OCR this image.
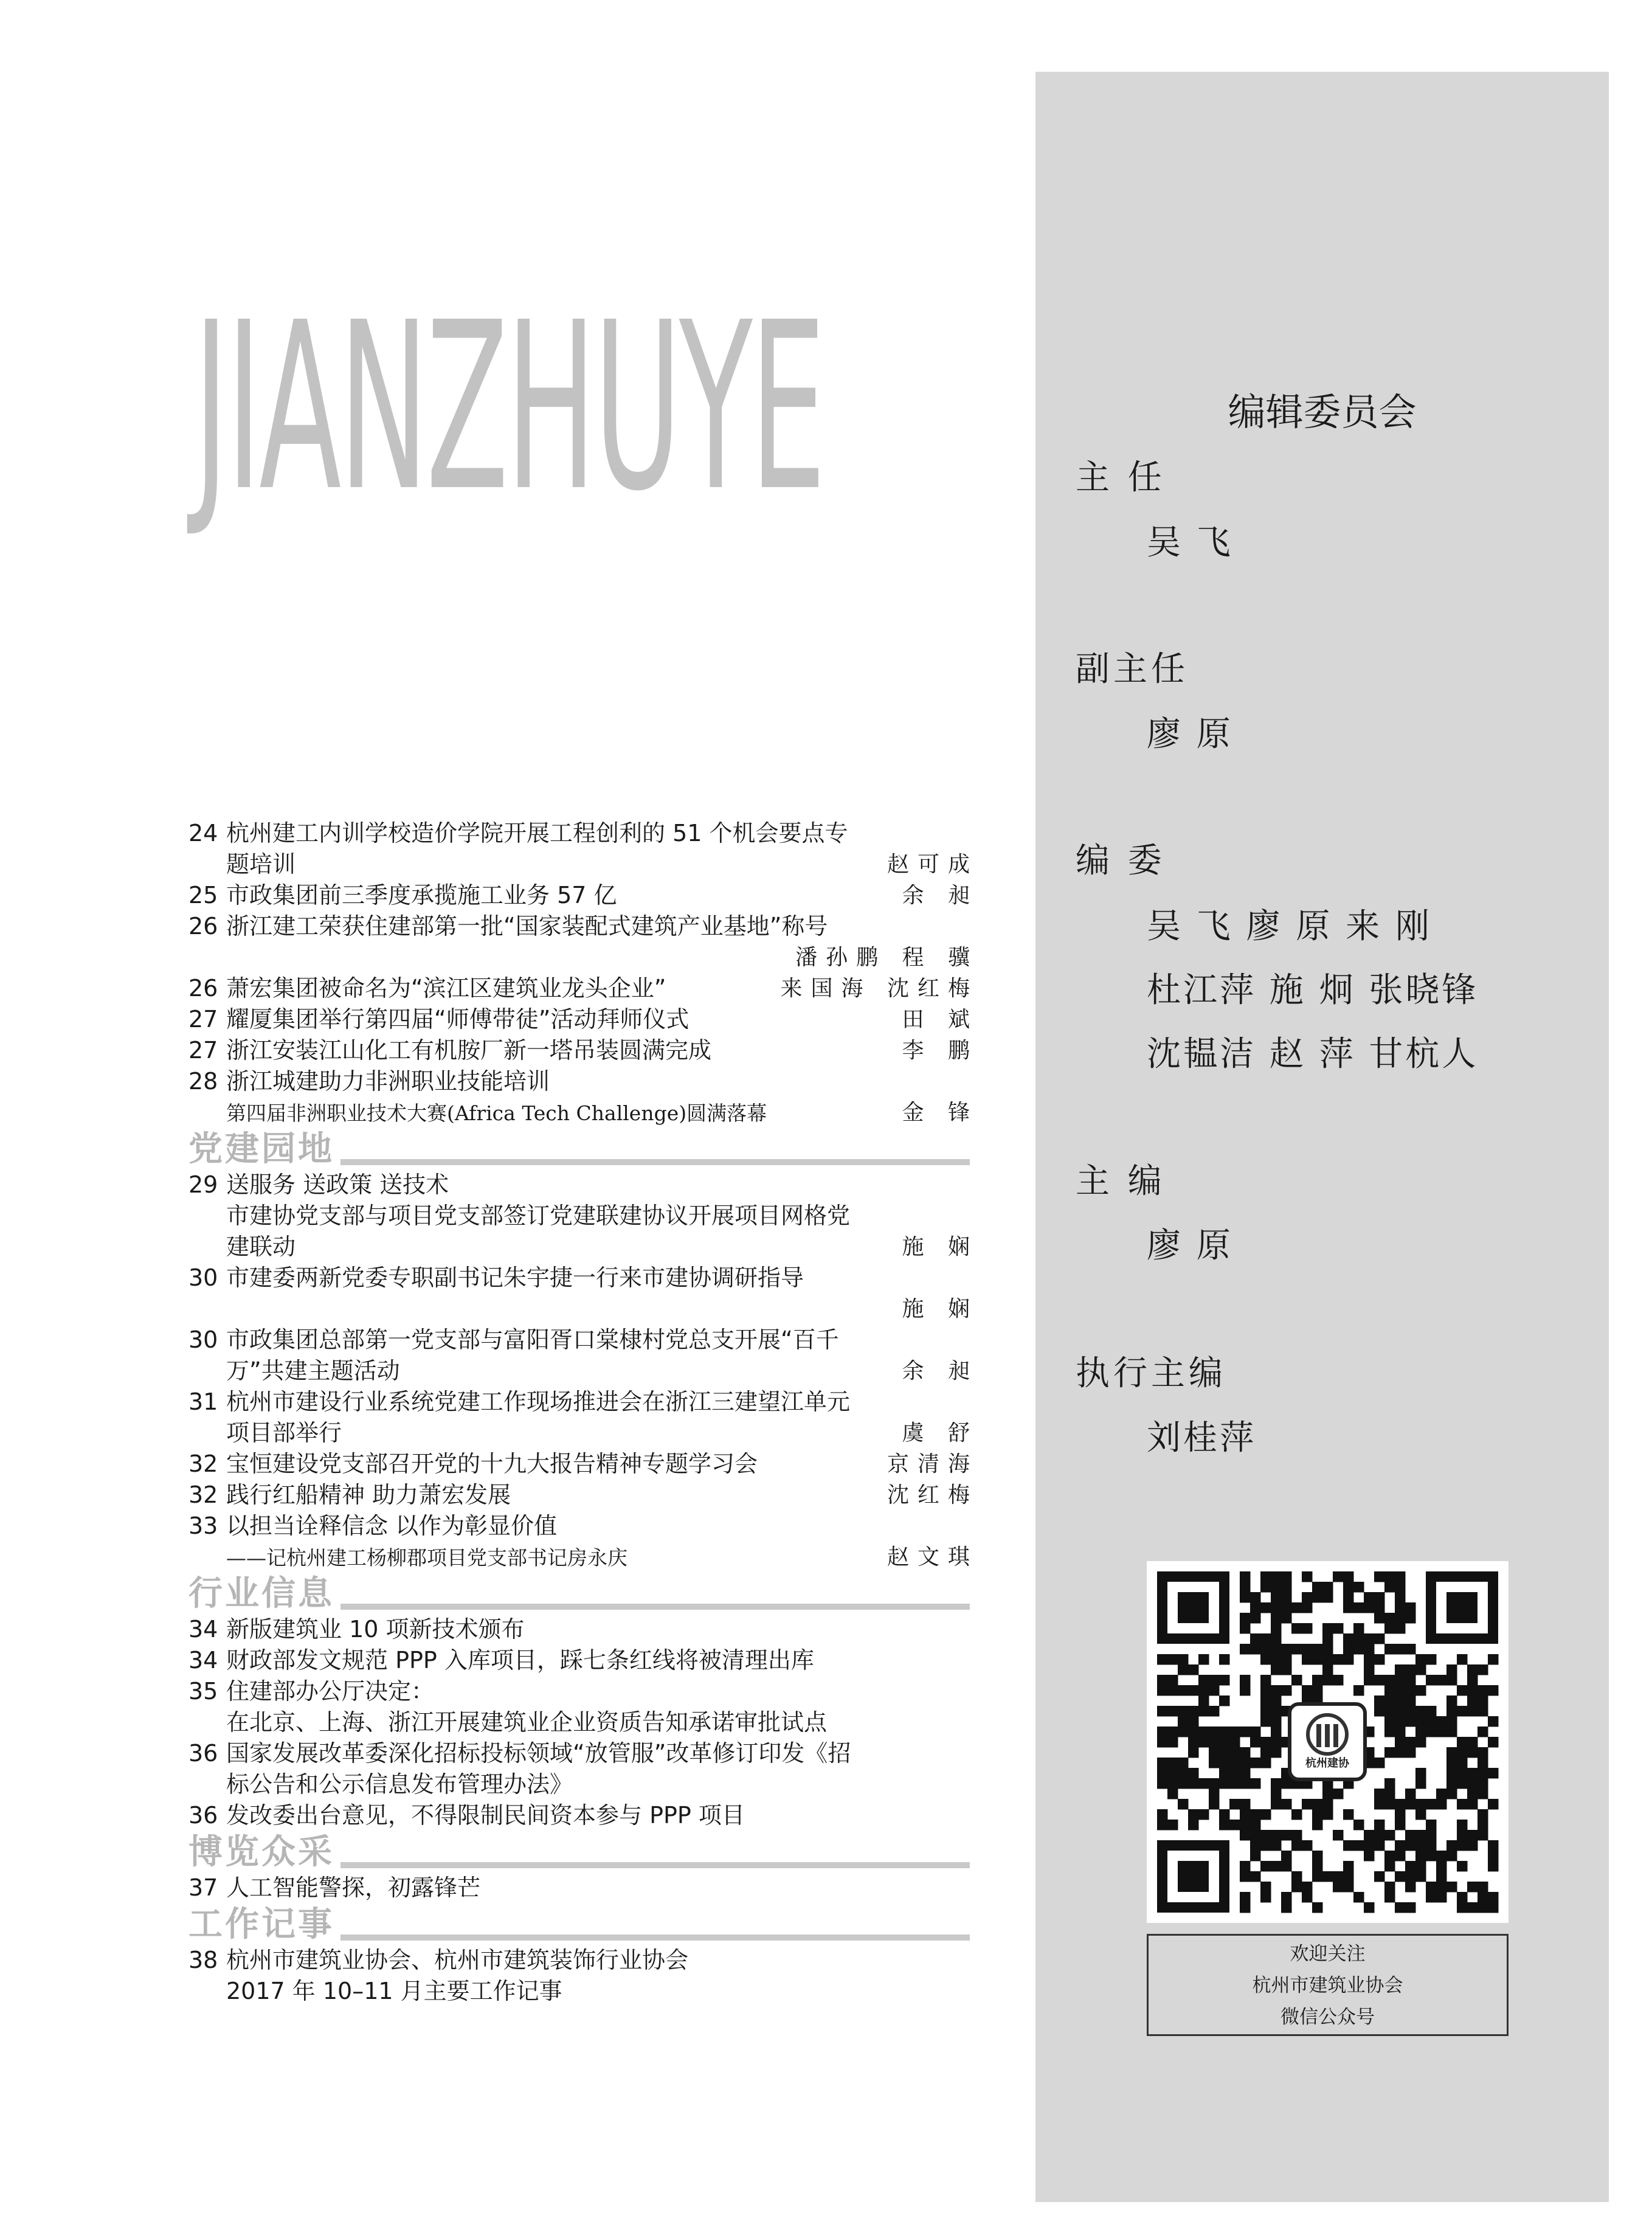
JIANZHUYE
24 杭州建工内训学校造价学院开展工程创利的 51 个机会要点专
题培训	赵可成
25 市政集团前三季度承揽施工业务 57 亿	余 昶
26 浙江建工荣获住建部第一批“国家装配式建筑产业基地”称号
潘孙鹏 程 骥
26 萧宏集团被命名为“滨江区建筑业龙头企业”	来国海 沈红梅
27 耀厦集团举行第四届“师傅带徒”活动拜师仪式	田 斌
27 浙江安装江山化工有机胺厂新一塔吊装圆满完成	李 鹏
28 浙江城建助力非洲职业技能培训
第四届非洲职业技术大赛(Africa Tech Challenge)圆满落幕	金 锋
党建园地
29 送服务 送政策 送技术
市建协党支部与项目党支部签订党建联建协议开展项目网格党
建联动	施 娴
30 市建委两新党委专职副书记朱宇捷一行来市建协调研指导
施 娴
30 市政集团总部第一党支部与富阳胥口棠棣村党总支开展“百千
万”共建主题活动	余 昶
31 杭州市建设行业系统党建工作现场推进会在浙江三建望江单元
项目部举行	虞 舒
32 宝恒建设党支部召开党的十九大报告精神专题学习会	京清海
32 践行红船精神 助力萧宏发展	沈红梅
33 以担当诠释信念 以作为彰显价值
——记杭州建工杨柳郡项目党支部书记房永庆	赵文琪
行业信息
34 新版建筑业 10 项新技术颁布
34 财政部发文规范 PPP 入库项目，踩七条红线将被清理出库
35 住建部办公厅决定：
在北京、上海、浙江开展建筑业企业资质告知承诺审批试点
36 国家发展改革委深化招标投标领域“放管服”改革修订印发《招
标公告和公示信息发布管理办法》
36 发改委出台意见，不得限制民间资本参与 PPP 项目
博览众采
37 人工智能警探，初露锋芒
工作记事
38 杭州市建筑业协会、杭州市建筑装饰行业协会
2017 年 10–11 月主要工作记事
编辑委员会
主 任
吴 飞
副主任
廖 原
编 委
吴 飞 廖 原 来 刚
杜江萍 施 炯 张晓锋
沈韫洁 赵 萍 甘杭人
主 编
廖 原
执行主编
刘桂萍
杭州建协
欢迎关注
杭州市建筑业协会
微信公众号
